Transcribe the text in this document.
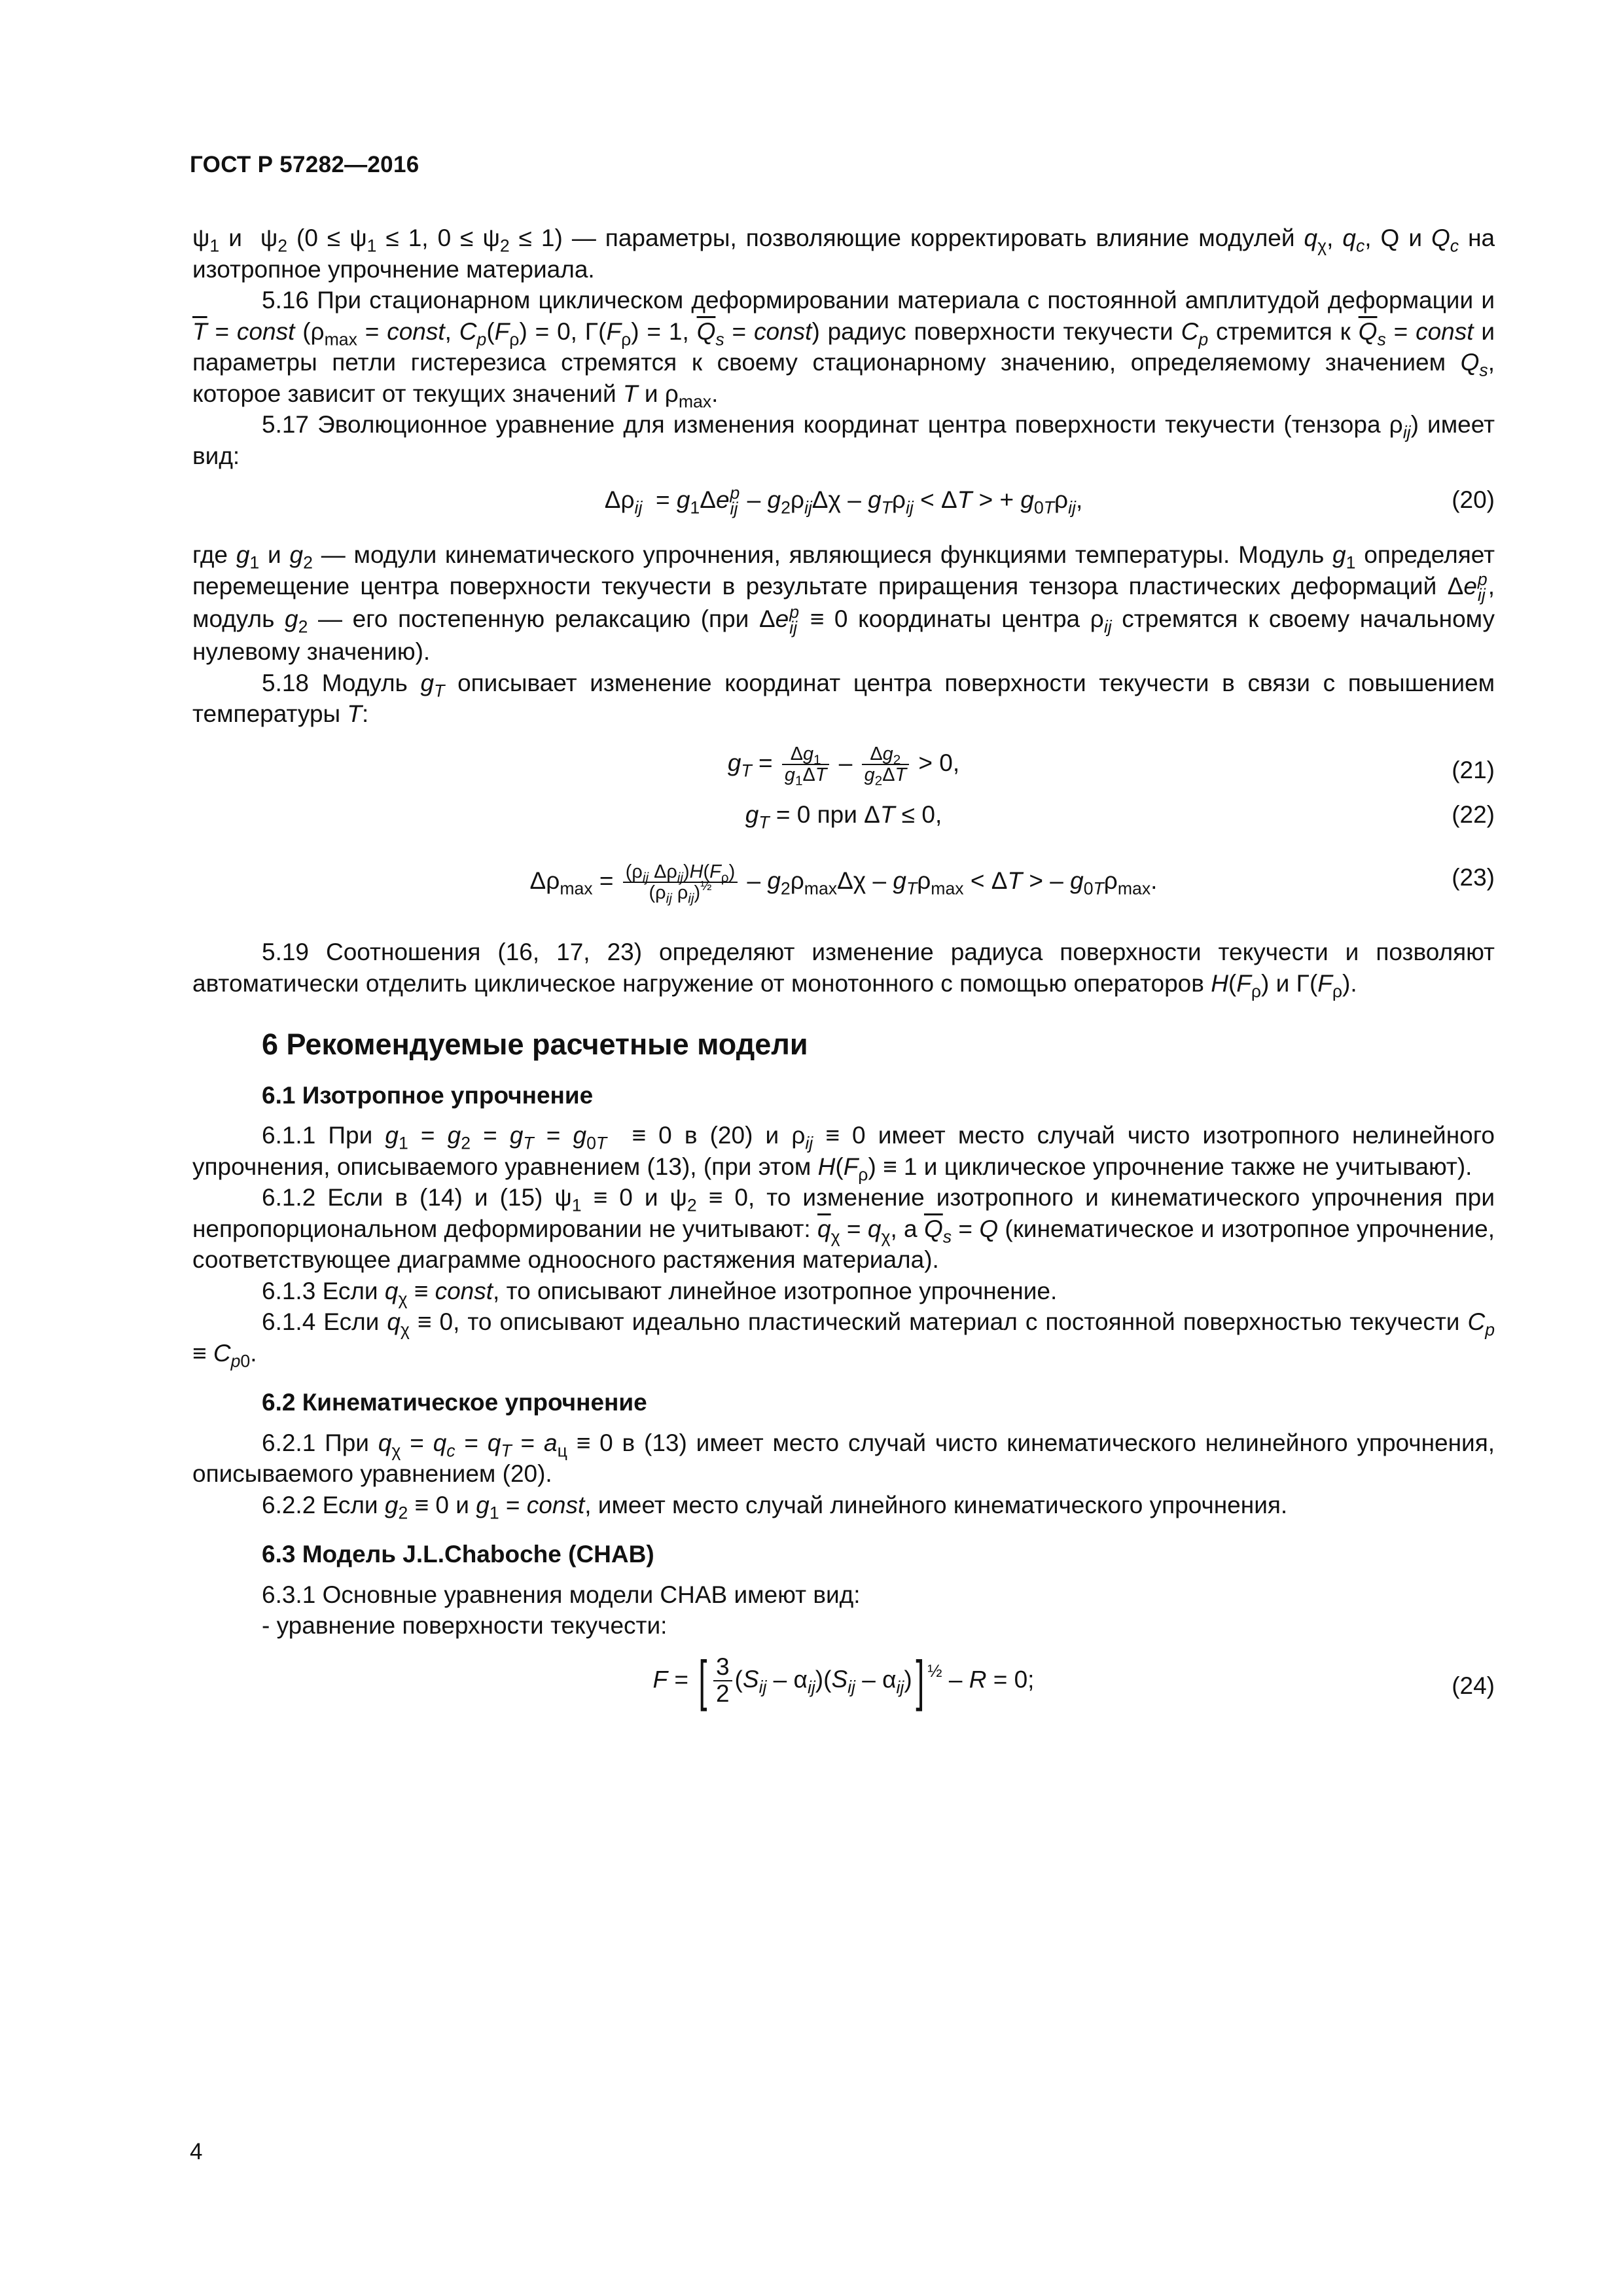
ГОСТ Р 57282—2016

$\psi_1$ и  $\psi_2$ ($0 \le \psi_1 \le 1$, $0 \le \psi_2 \le 1$) — параметры, позволяющие корректировать влияние модулей $q_\chi$, $q_c$, Q и $Q_c$ на изотропное упрочнение материала.

5.16 При стационарном циклическом деформировании материала с постоянной амплитудой деформации и $\overline{T}$ = const ($\rho_{max}$ = const, $C_p(F_\rho) = 0$, $\Gamma(F_\rho) = 1$, $\overline{Q}_s$ = const) радиус поверхности текучести $C_p$ стремится к $\overline{Q}_s$ = const и параметры петли гистерезиса стремятся к своему стационарному значению, определяемому значением $Q_s$, которое зависит от текущих значений T и $\rho_{max}$.

5.17 Эволюционное уравнение для изменения координат центра поверхности текучести (тензора $\rho_{ij}$) имеет вид:

$\Delta\rho_{ij} = g_1\Delta e$ p
ij – $g_2\rho_{ij}\Delta\chi - g_T\rho_{ij} < \Delta T$ > + $g_{0T}\rho_{ij}$,	(20)

где $g_1$ и $g_2$ — модули кинематического упрочнения, являющиеся функциями температуры. Модуль $g_1$ определяет перемещение центра поверхности текучести в результате приращения тензора пластических деформаций Δe p
ij , модуль $g_2$ — его постепенную релаксацию (при Δe p
ij ≡ 0 координаты центра $\rho_{ij}$ стремятся к своему начальному нулевому значению).

5.18 Модуль $g_T$ описывает изменение координат центра поверхности текучести в связи с повышением температуры T:

$g_T = \frac{\Delta g_1}{g_1\Delta T} - \frac{\Delta g_2}{g_2\Delta T} > 0$,	(21)
$g_T = 0$ при ΔT ≤ 0,	(22)
$\Delta\rho_{max} = \frac{(\rho_{ij} \Delta\rho_{ij})H(F_\rho)}{(\rho_{ij} \rho_{ij})^{\frac{1}{2}}} - g_2\rho_{max}\Delta\chi - g_T\rho_{max} < \Delta T$ > – $g_{0T}\rho_{max}$.	(23)

5.19 Соотношения (16, 17, 23) определяют изменение радиуса поверхности текучести и позволяют автоматически отделить циклическое нагружение от монотонного с помощью операторов $H(F_\rho)$ и $\Gamma(F_\rho)$.

6 Рекомендуемые расчетные модели

6.1 Изотропное упрочнение

6.1.1 При $g_1 = g_2 = g_T = g_{0T} \equiv 0$ в (20) и $\rho_{ij} \equiv 0$ имеет место случай чисто изотропного нелинейного упрочнения, описываемого уравнением (13), (при этом $H(F_\rho) \equiv 1$ и циклическое упрочнение также не учитывают).

6.1.2 Если в (14) и (15) $\psi_1 \equiv 0$ и $\psi_2 \equiv 0$, то изменение изотропного и кинематического упрочнения при непропорциональном деформировании не учитывают: $\overline{q}_\chi = q_\chi$, а $\overline{Q}_s = Q$ (кинематическое и изотропное упрочнение, соответствующее диаграмме одноосного растяжения материала).

6.1.3 Если $q_\chi$ ≡ const, то описывают линейное изотропное упрочнение.

6.1.4 Если $q_\chi \equiv 0$, то описывают идеально пластический материал с постоянной поверхностью текучести $C_p \equiv C_{p0}$.

6.2 Кинематическое упрочнение

6.2.1 При $q_\chi = q_c = q_T = a_ц \equiv 0$ в (13) имеет место случай чисто кинематического нелинейного упрочнения, описываемого уравнением (20).

6.2.2 Если $g_2 \equiv 0$ и $g_1$ = const, имеет место случай линейного кинематического упрочнения.

6.3 Модель J.L.Chaboche (CHAB)

6.3.1 Основные уравнения модели CHAB имеют вид:

- уравнение поверхности текучести:

F = [ $\frac{3}{2} (S_{ij} - \alpha_{ij})(S_{ij} - \alpha_{ij})$] $^{\frac{1}{2}}$ – R = 0;	(24)
4
